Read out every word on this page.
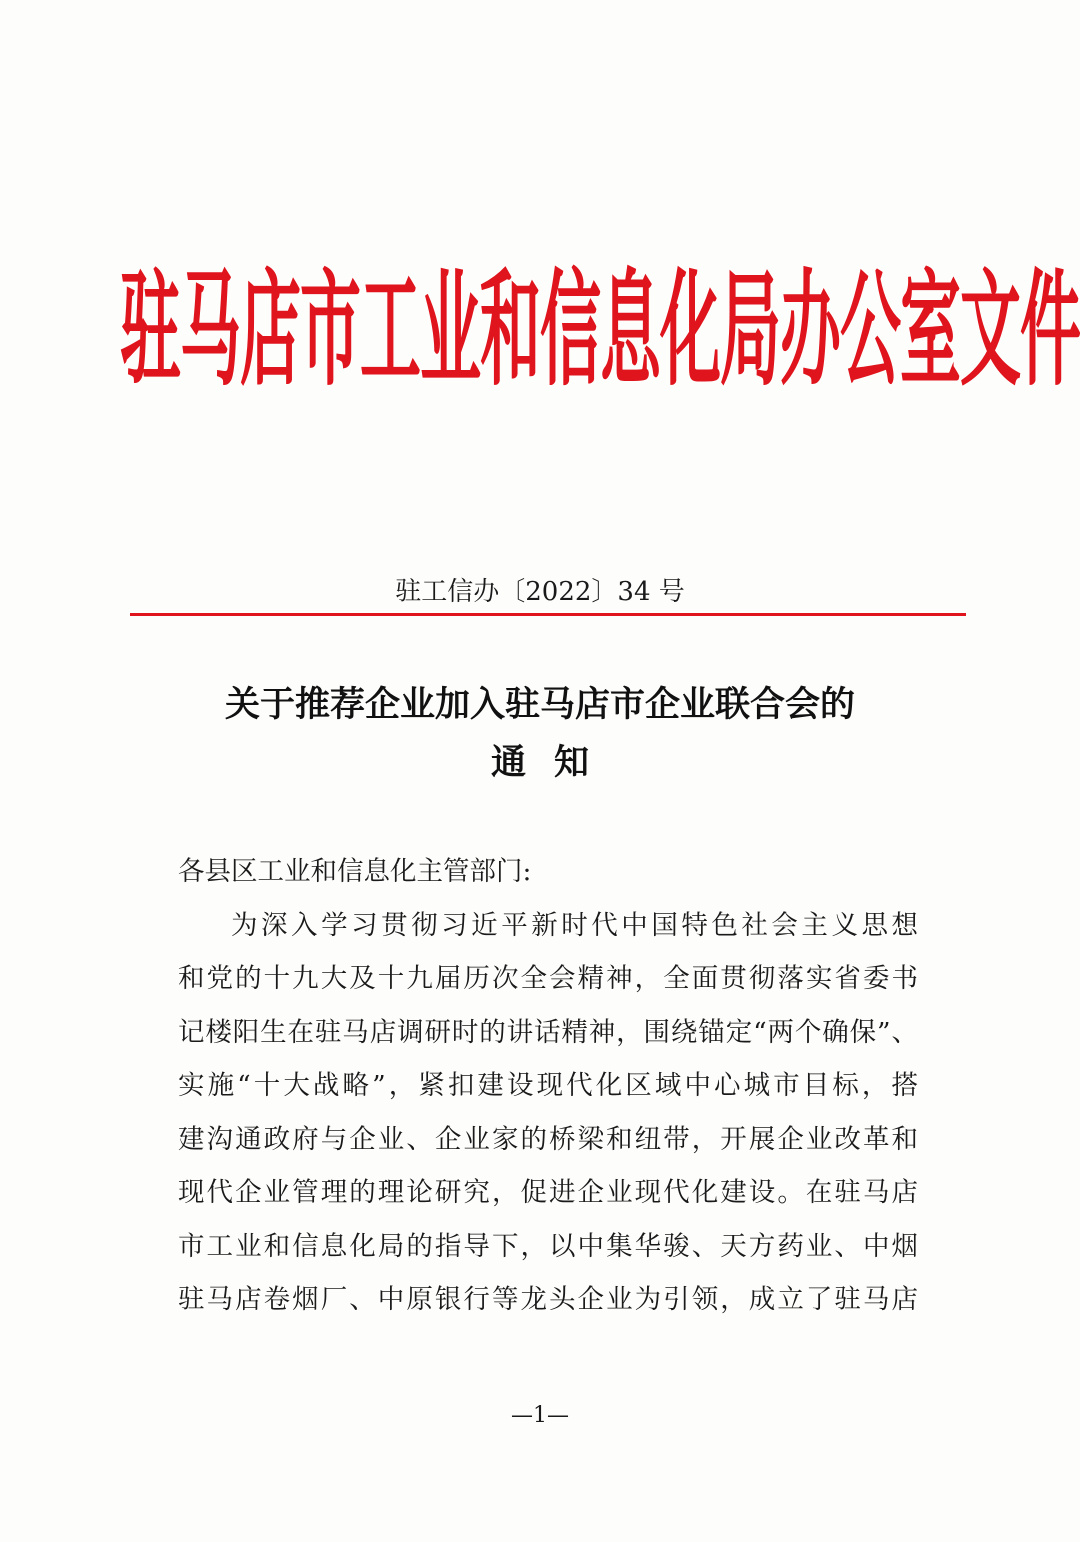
驻马店市工业和信息化局办公室文件
驻工信办〔2022〕34 号
关于推荐企业加入驻马店市企业联合会的
通知

各县区工业和信息化主管部门:
为深入学习贯彻习近平新时代中国特色社会主义思想
和党的十九大及十九届历次全会精神，全面贯彻落实省委书
记楼阳生在驻马店调研时的讲话精神，围绕锚定“两个确保”、
实施“十大战略”，紧扣建设现代化区域中心城市目标，搭
建沟通政府与企业、企业家的桥梁和纽带，开展企业改革和
现代企业管理的理论研究，促进企业现代化建设。在驻马店
市工业和信息化局的指导下，以中集华骏、天方药业、中烟
驻马店卷烟厂、中原银行等龙头企业为引领，成立了驻马店

—1—
